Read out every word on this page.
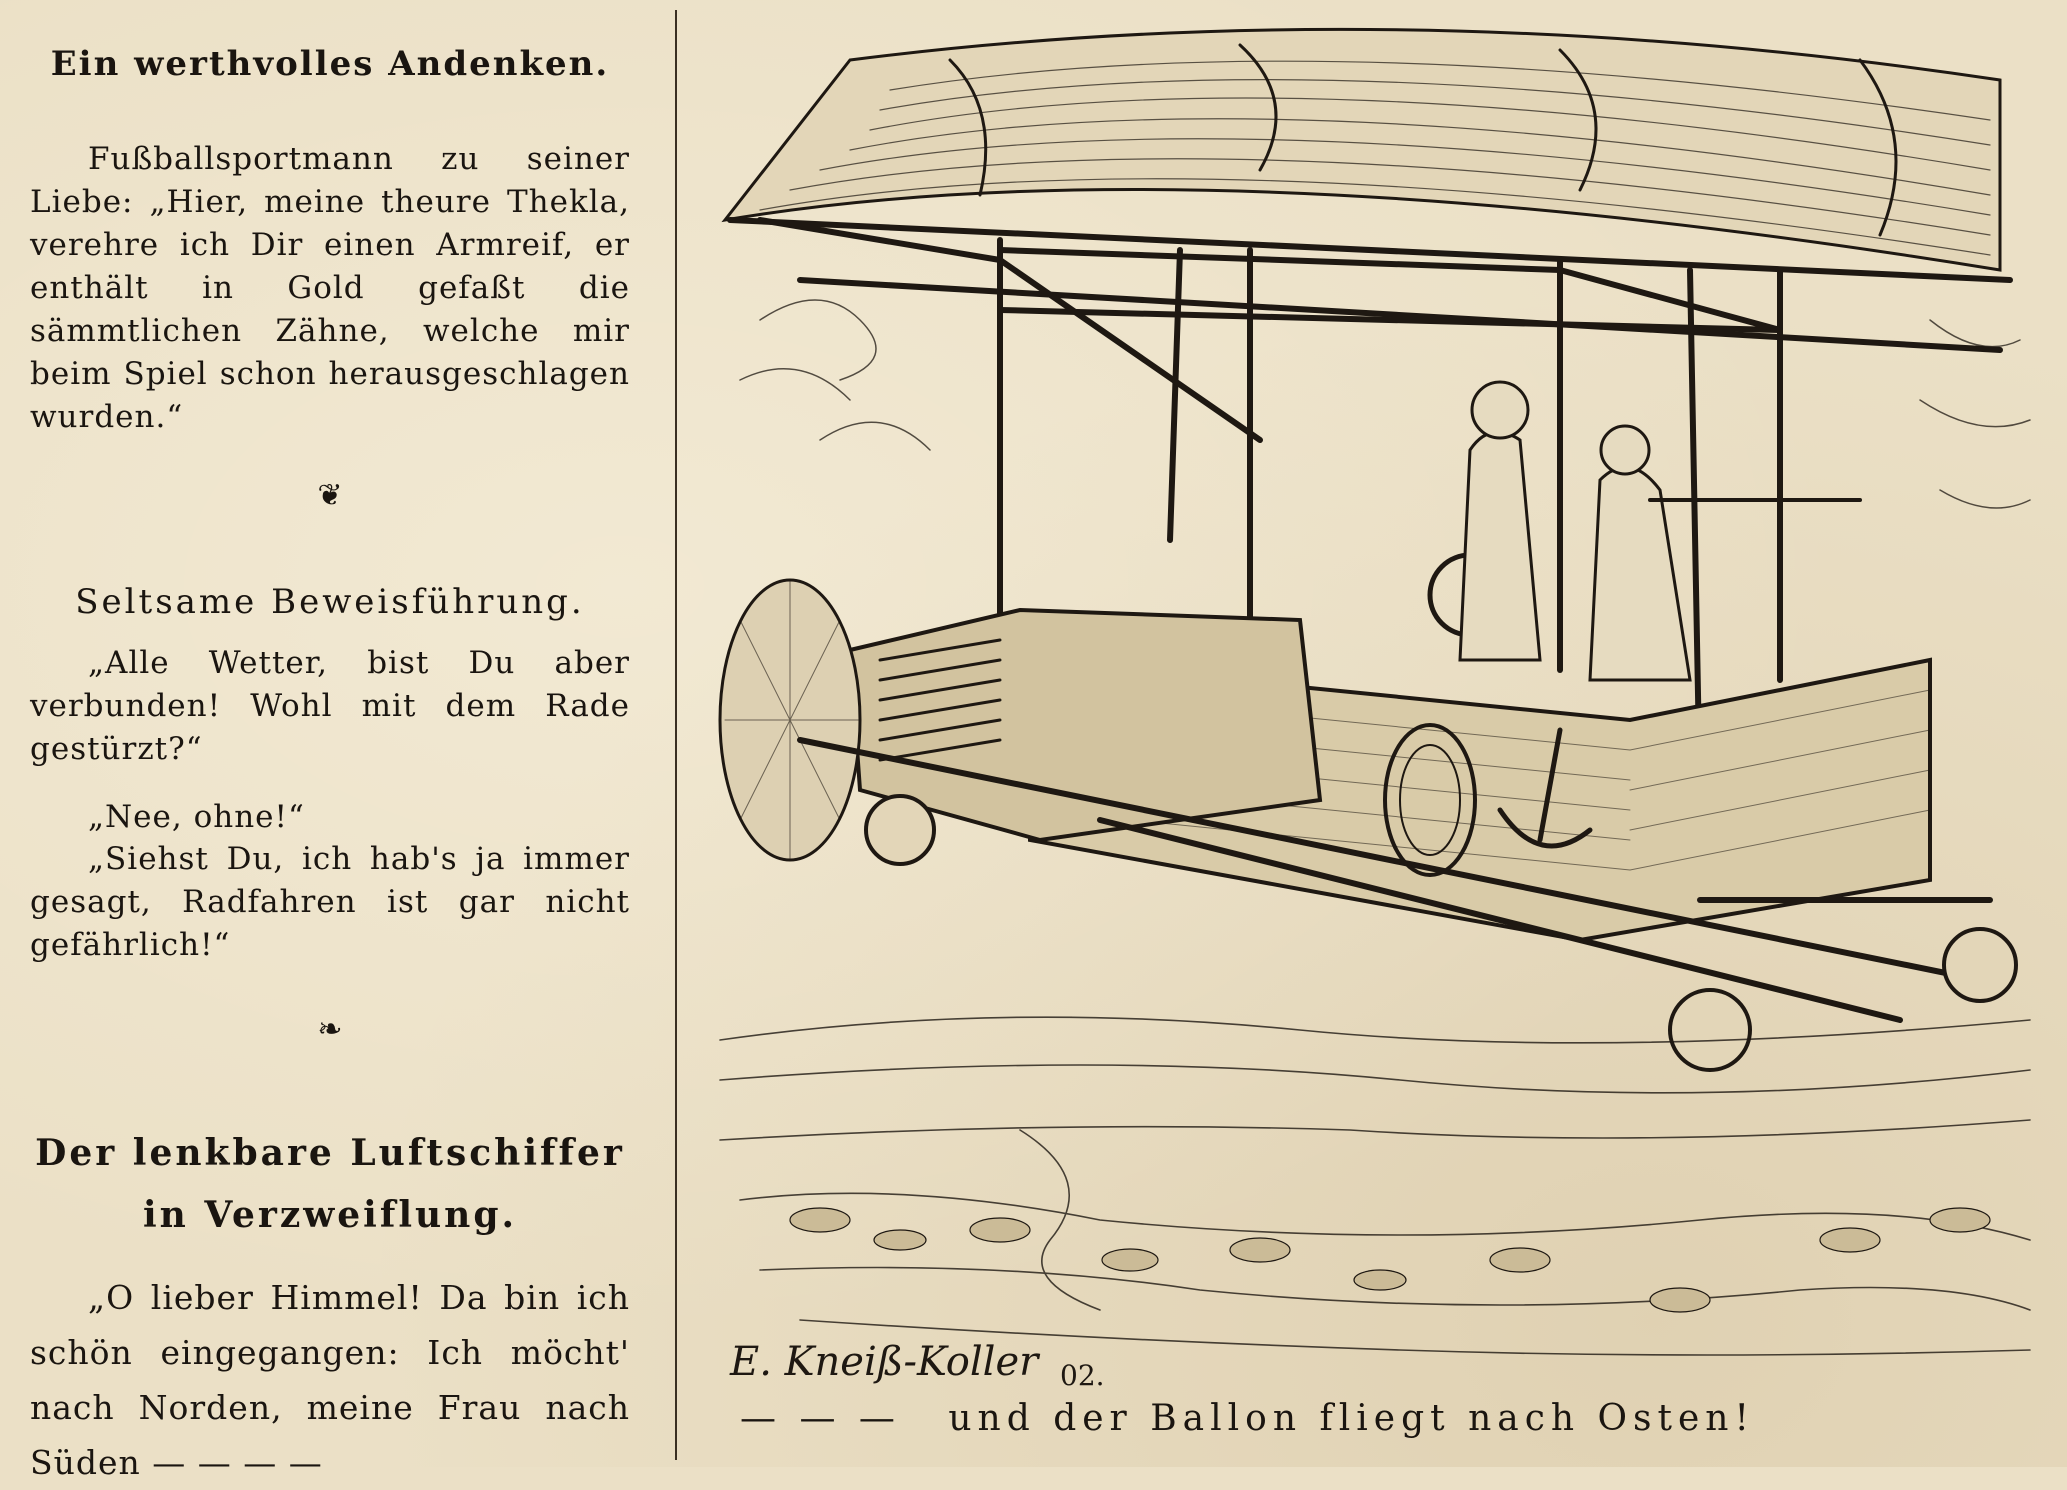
Ein werthvolles Andenken.

Fußballsportmann zu seiner Liebe: „Hier, meine theure Thekla, verehre ich Dir einen Armreif, er enthält in Gold gefaßt die sämmtlichen Zähne, welche mir beim Spiel schon herausgeschlagen wurden.“

❦

Seltsame Beweisführung.

„Alle Wetter, bist Du aber verbunden! Wohl mit dem Rade gestürzt?“

„Nee, ohne!“

„Siehst Du, ich hab's ja immer gesagt, Radfahren ist gar nicht gefährlich!“

❧

Der lenkbare Luftschiffer in Verzweiflung.

„O lieber Himmel! Da bin ich schön eingegangen: Ich möcht' nach Norden, meine Frau nach Süden — — — —

E. Kneiß-Koller 02.
— — — und der Ballon fliegt nach Osten!
